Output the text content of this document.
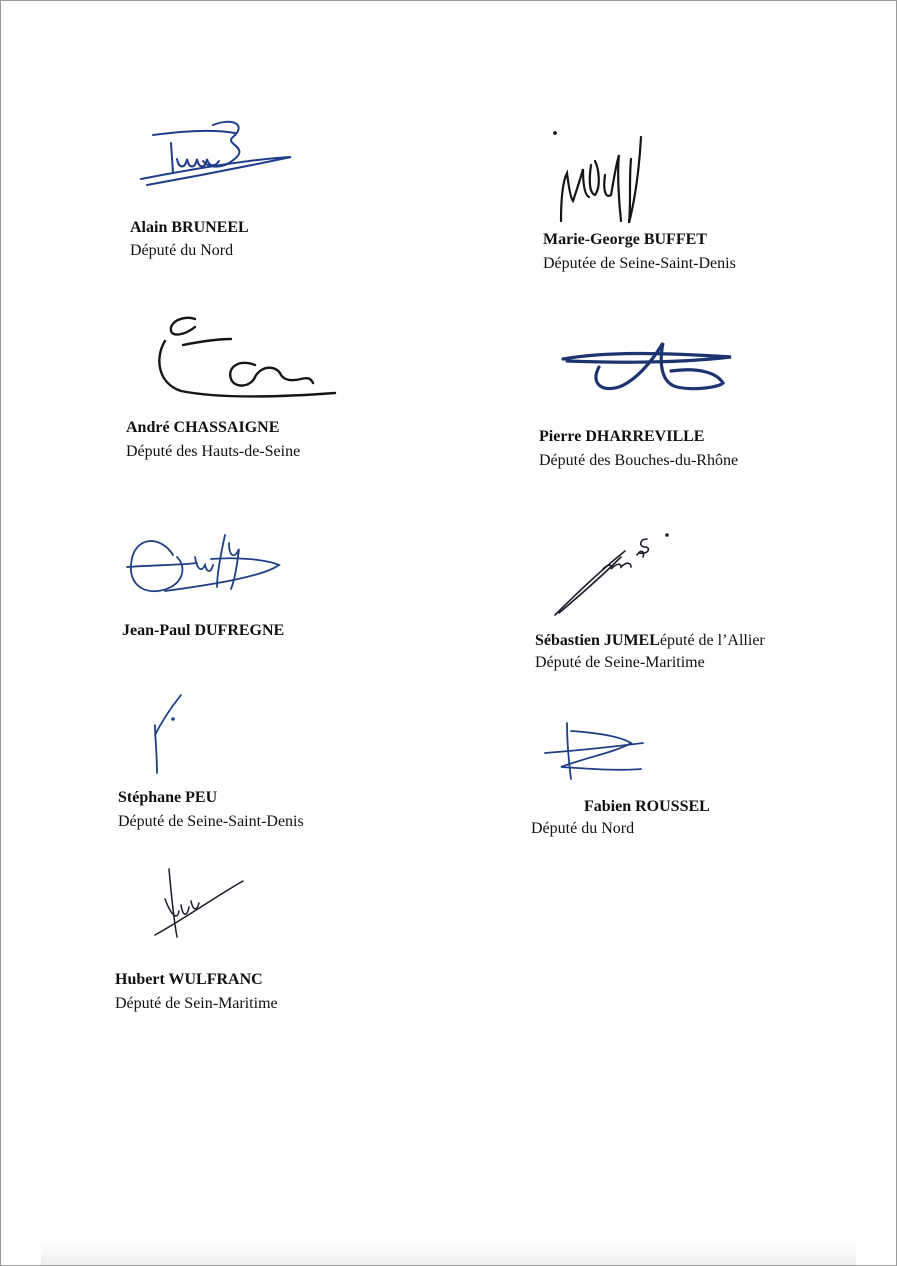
Alain BRUNEEL
Député du Nord
Marie-George BUFFET
Députée de Seine-Saint-Denis
André CHASSAIGNE
Député des Hauts-de-Seine
Pierre DHARREVILLE
Député des Bouches-du-Rhône
Jean-Paul DUFREGNE
Sébastien JUMELéputé de l’Allier
Député de Seine-Maritime
Stéphane PEU
Député de Seine-Saint-Denis
Fabien ROUSSEL
Député du Nord
Hubert WULFRANC
Député de Sein-Maritime
